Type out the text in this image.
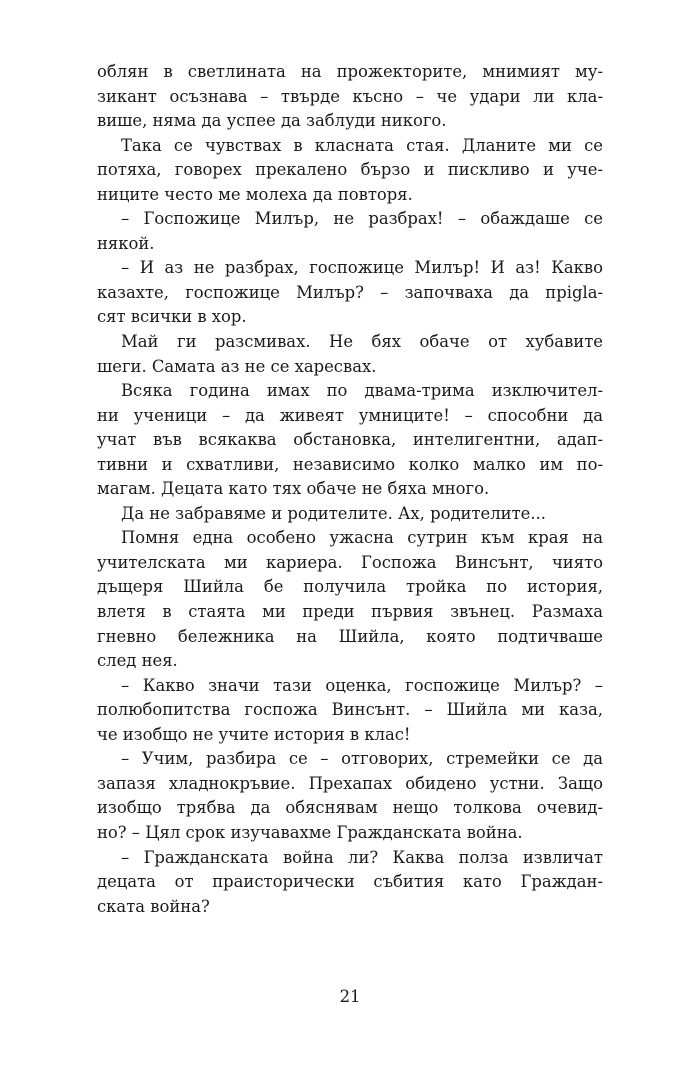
облян в светлината на прожекторите, мнимият му-
зикант осъзнава – твърде късно – че удари ли кла-
више, няма да успее да заблуди никого.
Така се чувствах в класната стая. Дланите ми се
потяха, говорех прекалено бързо и пискливо и уче-
ниците често ме молеха да повторя.
– Госпожице Милър, не разбрах! – обаждаше се
някой.
– И аз не разбрах, госпожице Милър! И аз! Какво
казахте, госпожице Милър? – започваха да прigla-
сят всички в хор.
Май ги разсмивах. Не бях обаче от хубавите
шеги. Самата аз не се харесвах.
Всяка година имах по двама-трима изключител-
ни ученици – да живеят умниците! – способни да
учат във всякаква обстановка, интелигентни, адап-
тивни и схватливи, независимо колко малко им по-
магам. Децата като тях обаче не бяха много.
Да не забравяме и родителите. Ах, родителите...
Помня една особено ужасна сутрин към края на
учителската ми кариера. Госпожа Винсънт, чиято
дъщеря Шийла бе получила тройка по история,
влетя в стаята ми преди първия звънец. Размаха
гневно бележника на Шийла, която подтичваше
след нея.
– Какво значи тази оценка, госпожице Милър? –
полюбопитства госпожа Винсънт. – Шийла ми каза,
че изобщо не учите история в клас!
– Учим, разбира се – отговорих, стремейки се да
запазя хладнокръвие. Прехапах обидено устни. Защо
изобщо трябва да обяснявам нещо толкова очевид-
но? – Цял срок изучавахме Гражданската война.
– Гражданската война ли? Каква полза извличат
децата от праисторически събития като Граждан-
ската война?
21
